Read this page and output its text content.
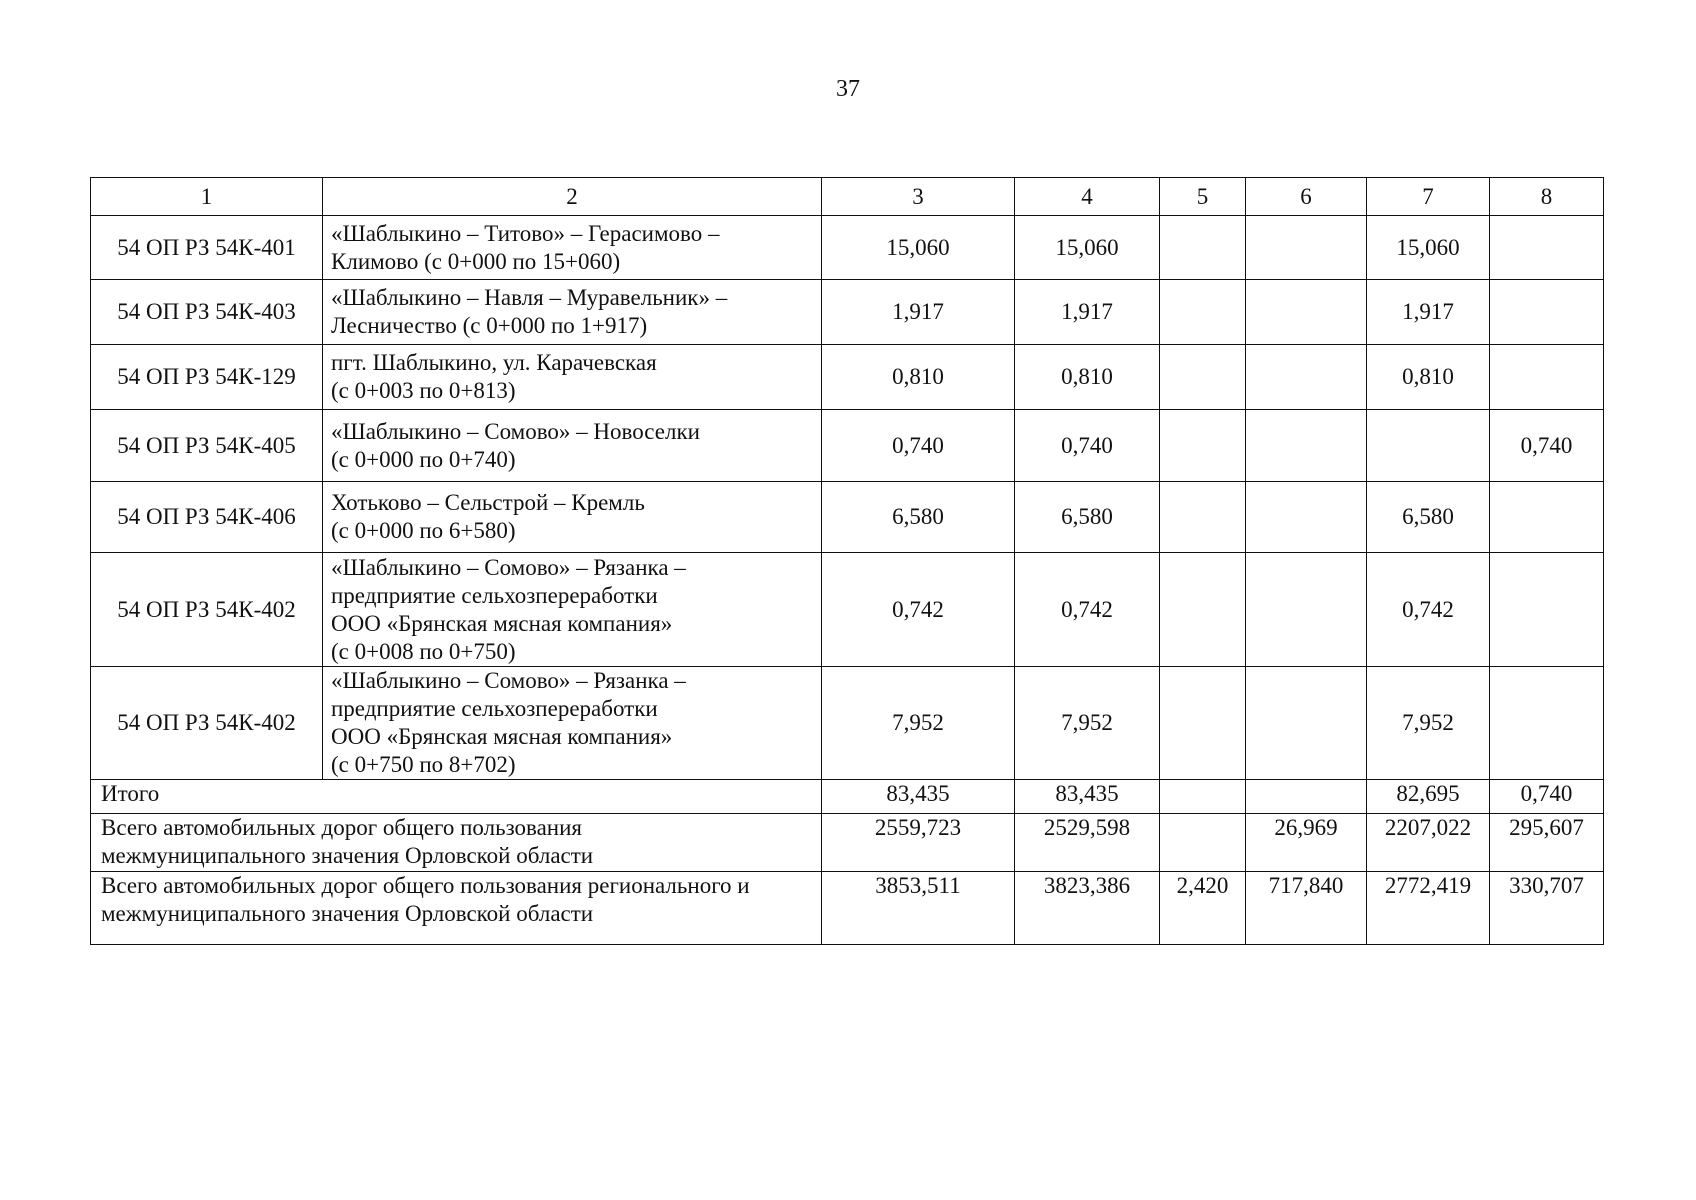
37
1	2	3	4	5	6	7	8
54 ОП РЗ 54К-401	«Шаблыкино – Титово» – Герасимово –
Климово (с 0+000 по 15+060)	15,060	15,060			15,060	
54 ОП РЗ 54К-403	«Шаблыкино – Навля – Муравельник» –
Лесничество (с 0+000 по 1+917)	1,917	1,917			1,917	
54 ОП РЗ 54К-129	пгт. Шаблыкино, ул. Карачевская
(с 0+003 по 0+813)	0,810	0,810			0,810	
54 ОП РЗ 54К-405	«Шаблыкино – Сомово» – Новоселки
(с 0+000 по 0+740)	0,740	0,740				0,740
54 ОП РЗ 54К-406	Хотьково – Сельстрой – Кремль
(с 0+000 по 6+580)	6,580	6,580			6,580	
54 ОП РЗ 54К-402	«Шаблыкино – Сомово» – Рязанка –
предприятие сельхозпереработки
ООО «Брянская мясная компания»
(с 0+008 по 0+750)	0,742	0,742			0,742	
54 ОП РЗ 54К-402	«Шаблыкино – Сомово» – Рязанка –
предприятие сельхозпереработки
ООО «Брянская мясная компания»
(с 0+750 по 8+702)	7,952	7,952			7,952	

Итого		83,435	83,435			82,695	0,740

Всего автомобильных дорог общего пользования
межмуниципального значения Орловской области		2559,723	2529,598		26,969	2207,022	295,607

Всего автомобильных дорог общего пользования регионального и
межмуниципального значения Орловской области		3853,511	3823,386	2,420	717,840	2772,419	330,707
